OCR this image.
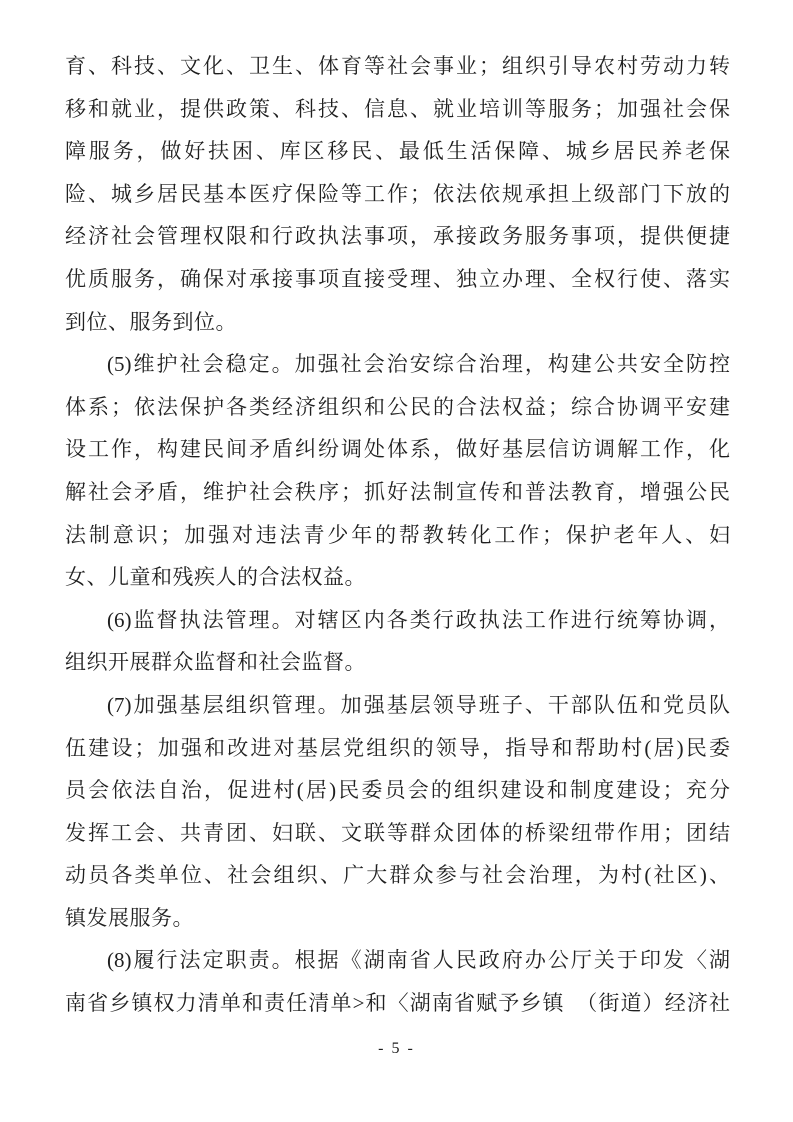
育、科技、文化、卫生、体育等社会事业；组织引导农村劳动力转
移和就业，提供政策、科技、信息、就业培训等服务；加强社会保
障服务，做好扶困、库区移民、最低生活保障、城乡居民养老保
险、城乡居民基本医疗保险等工作；依法依规承担上级部门下放的
经济社会管理权限和行政执法事项，承接政务服务事项，提供便捷
优质服务，确保对承接事项直接受理、独立办理、全权行使、落实
到位、服务到位。
(5)维护社会稳定。加强社会治安综合治理，构建公共安全防控
体系；依法保护各类经济组织和公民的合法权益；综合协调平安建
设工作，构建民间矛盾纠纷调处体系，做好基层信访调解工作，化
解社会矛盾，维护社会秩序；抓好法制宣传和普法教育，增强公民
法制意识；加强对违法青少年的帮教转化工作；保护老年人、妇
女、儿童和残疾人的合法权益。
(6)监督执法管理。对辖区内各类行政执法工作进行统筹协调，
组织开展群众监督和社会监督。
(7)加强基层组织管理。加强基层领导班子、干部队伍和党员队
伍建设；加强和改进对基层党组织的领导，指导和帮助村(居)民委
员会依法自治，促进村(居)民委员会的组织建设和制度建设；充分
发挥工会、共青团、妇联、文联等群众团体的桥梁纽带作用；团结
动员各类单位、社会组织、广大群众参与社会治理，为村(社区)、
镇发展服务。
(8)履行法定职责。根据《湖南省人民政府办公厅关于印发〈湖
南省乡镇权力清单和责任清单>和〈湖南省赋予乡镇　（街道）经济社
- 5 -
